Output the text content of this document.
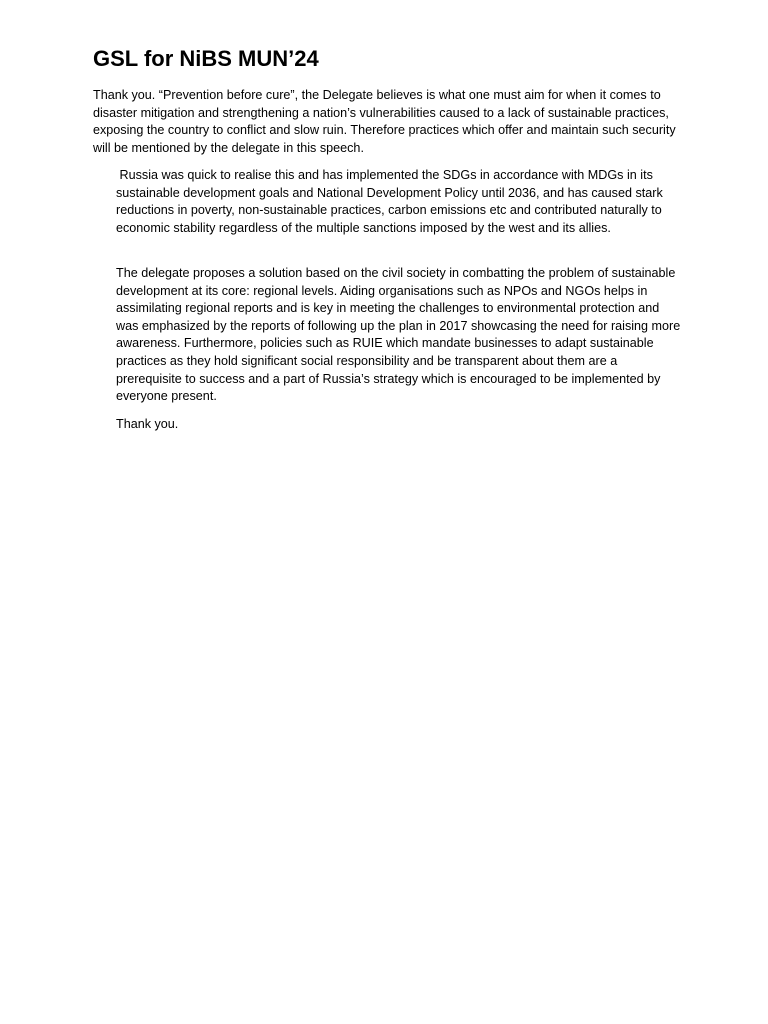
GSL for NiBS MUN’24

Thank you. “Prevention before cure”, the Delegate believes is what one must aim for when it comes to disaster mitigation and strengthening a nation’s vulnerabilities caused to a lack of sustainable practices, exposing the country to conflict and slow ruin. Therefore practices which offer and maintain such security will be mentioned by the delegate in this speech.

Russia was quick to realise this and has implemented the SDGs in accordance with MDGs in its sustainable development goals and National Development Policy until 2036, and has caused stark reductions in poverty, non-sustainable practices, carbon emissions etc and contributed naturally to economic stability regardless of the multiple sanctions imposed by the west and its allies.

The delegate proposes a solution based on the civil society in combatting the problem of sustainable development at its core: regional levels. Aiding organisations such as NPOs and NGOs helps in assimilating regional reports and is key in meeting the challenges to environmental protection and was emphasized by the reports of following up the plan in 2017 showcasing the need for raising more awareness. Furthermore, policies such as RUIE which mandate businesses to adapt sustainable practices as they hold significant social responsibility and be transparent about them are a prerequisite to success and a part of Russia’s strategy which is encouraged to be implemented by everyone present.

Thank you.
